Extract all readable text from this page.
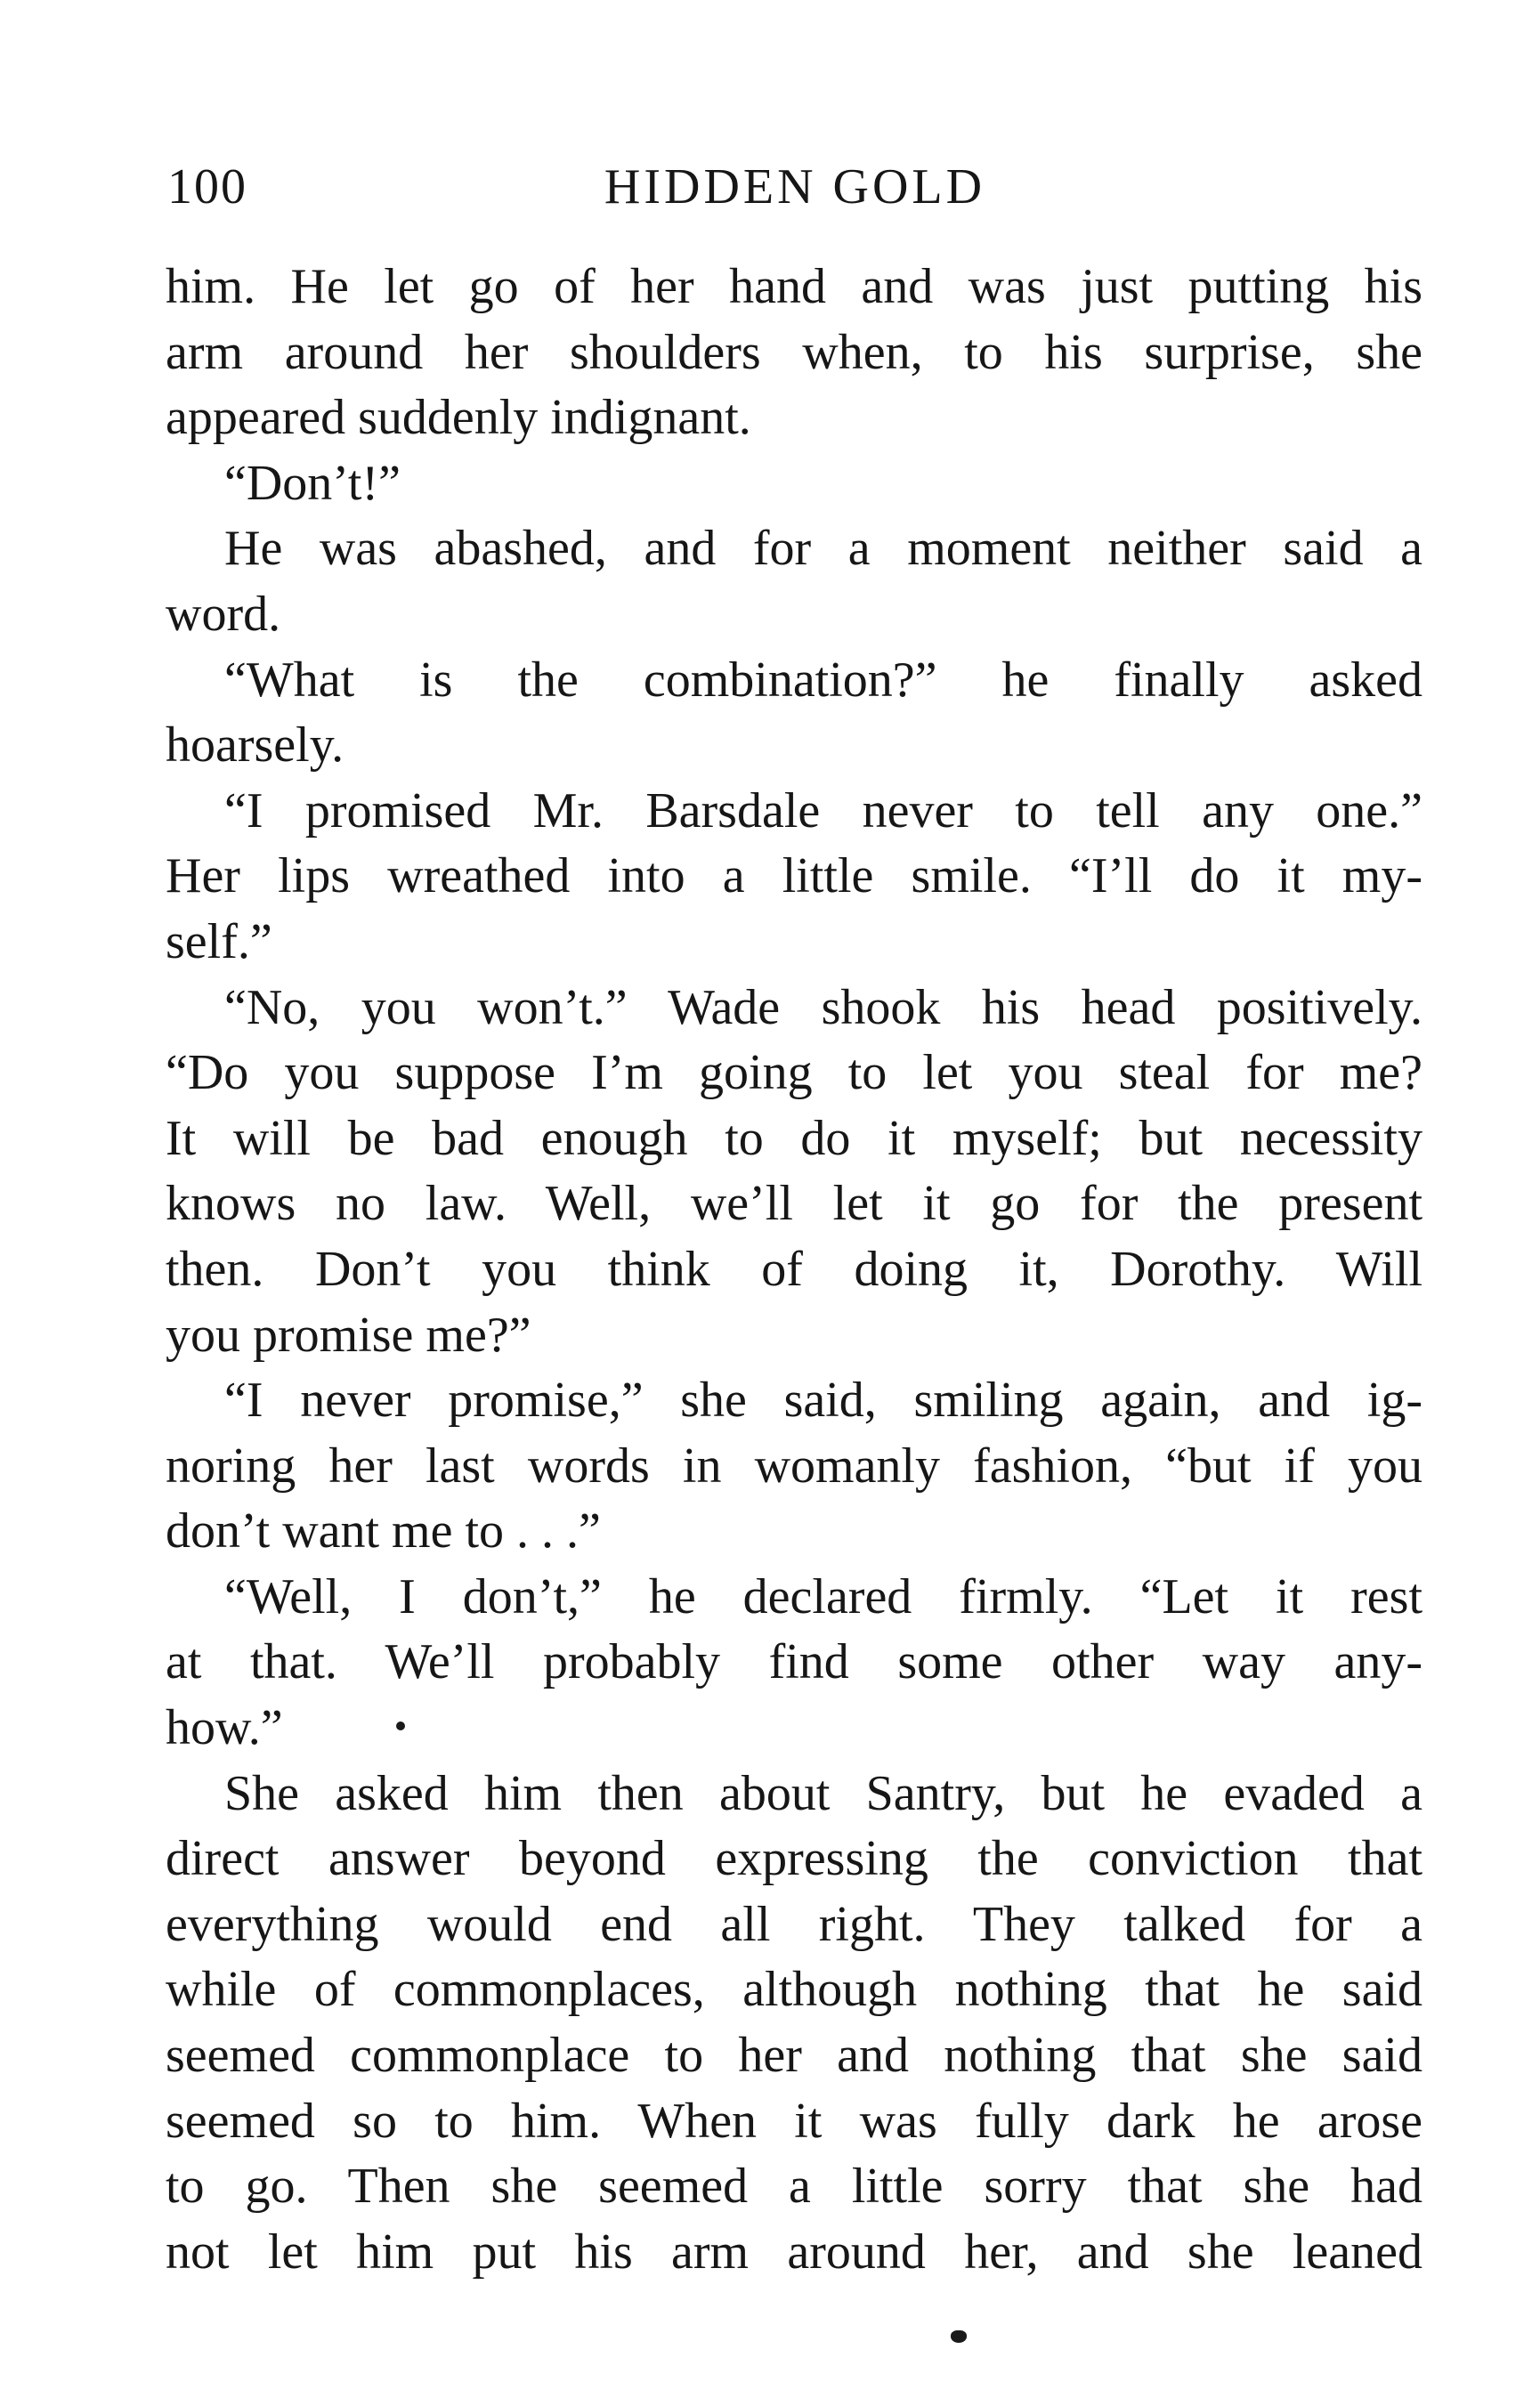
100	HIDDEN GOLD
him. He let go of her hand and was just putting his
arm around her shoulders when, to his surprise, she
appeared suddenly indignant.
“Don’t!”
He was abashed, and for a moment neither said a
word.
“What is the combination?” he finally asked
hoarsely.
“I promised Mr. Barsdale never to tell any one.”
Her lips wreathed into a little smile. “I’ll do it my-
self.”
“No, you won’t.” Wade shook his head positively.
“Do you suppose I’m going to let you steal for me?
It will be bad enough to do it myself; but necessity
knows no law. Well, we’ll let it go for the present
then. Don’t you think of doing it, Dorothy. Will
you promise me?”
“I never promise,” she said, smiling again, and ig-
noring her last words in womanly fashion, “but if you
don’t want me to . . .”
“Well, I don’t,” he declared firmly. “Let it rest
at that. We’ll probably find some other way any-
how.”
She asked him then about Santry, but he evaded a
direct answer beyond expressing the conviction that
everything would end all right. They talked for a
while of commonplaces, although nothing that he said
seemed commonplace to her and nothing that she said
seemed so to him. When it was fully dark he arose
to go. Then she seemed a little sorry that she had
not let him put his arm around her, and she leaned
